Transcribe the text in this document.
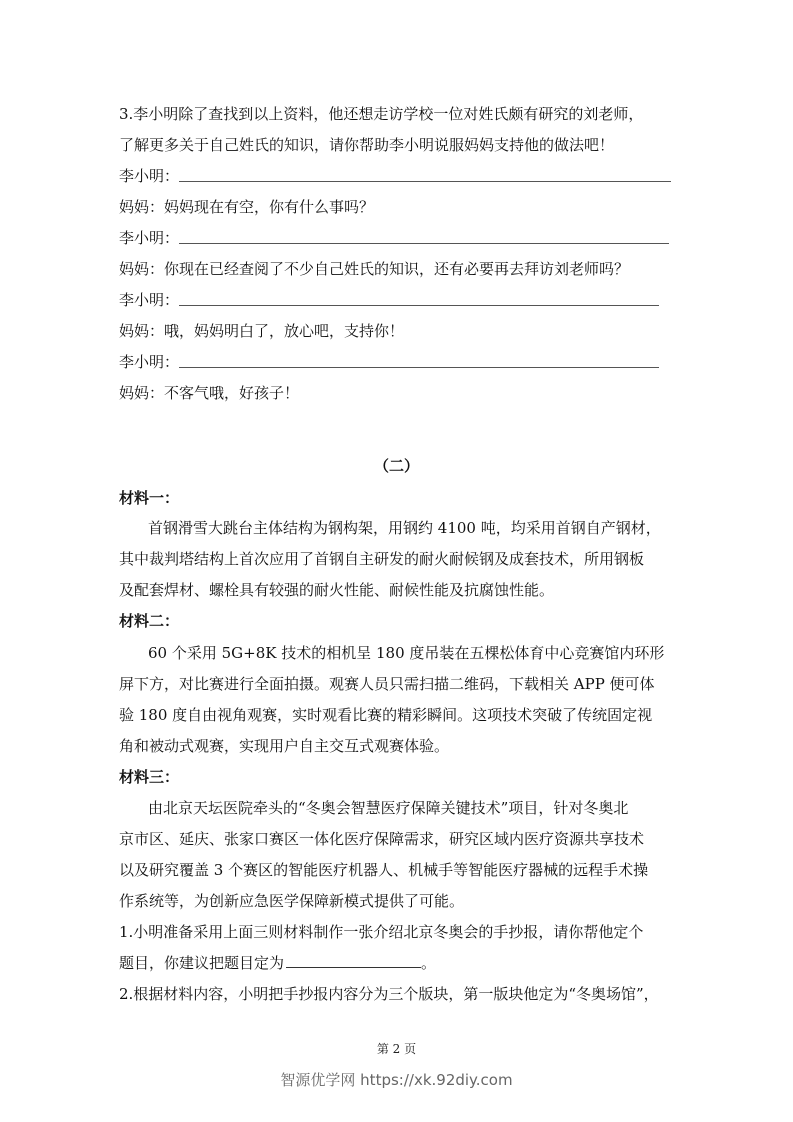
3.李小明除了查找到以上资料，他还想走访学校一位对姓氏颇有研究的刘老师，
了解更多关于自己姓氏的知识，请你帮助李小明说服妈妈支持他的做法吧！
李小明：
妈妈：妈妈现在有空，你有什么事吗？
李小明：
妈妈：你现在已经查阅了不少自己姓氏的知识，还有必要再去拜访刘老师吗？
李小明：
妈妈：哦，妈妈明白了，放心吧，支持你！
李小明：
妈妈：不客气哦，好孩子！
（二）
材料一：
首钢滑雪大跳台主体结构为钢构架，用钢约 4100 吨，均采用首钢自产钢材，
其中裁判塔结构上首次应用了首钢自主研发的耐火耐候钢及成套技术，所用钢板
及配套焊材、螺栓具有较强的耐火性能、耐候性能及抗腐蚀性能。
材料二：
60 个采用 5G+8K 技术的相机呈 180 度吊装在五棵松体育中心竞赛馆内环形
屏下方，对比赛进行全面拍摄。观赛人员只需扫描二维码，下载相关 APP 便可体
验 180 度自由视角观赛，实时观看比赛的精彩瞬间。这项技术突破了传统固定视
角和被动式观赛，实现用户自主交互式观赛体验。
材料三：
由北京天坛医院牵头的“冬奥会智慧医疗保障关键技术”项目，针对冬奥北
京市区、延庆、张家口赛区一体化医疗保障需求，研究区域内医疗资源共享技术
以及研究覆盖 3 个赛区的智能医疗机器人、机械手等智能医疗器械的远程手术操
作系统等，为创新应急医学保障新模式提供了可能。
1.小明准备采用上面三则材料制作一张介绍北京冬奥会的手抄报，请你帮他定个
题目，你建议把题目定为	。
2.根据材料内容，小明把手抄报内容分为三个版块，第一版块他定为“冬奥场馆”，
第 2 页
智源优学网 https://xk.92diy.com
